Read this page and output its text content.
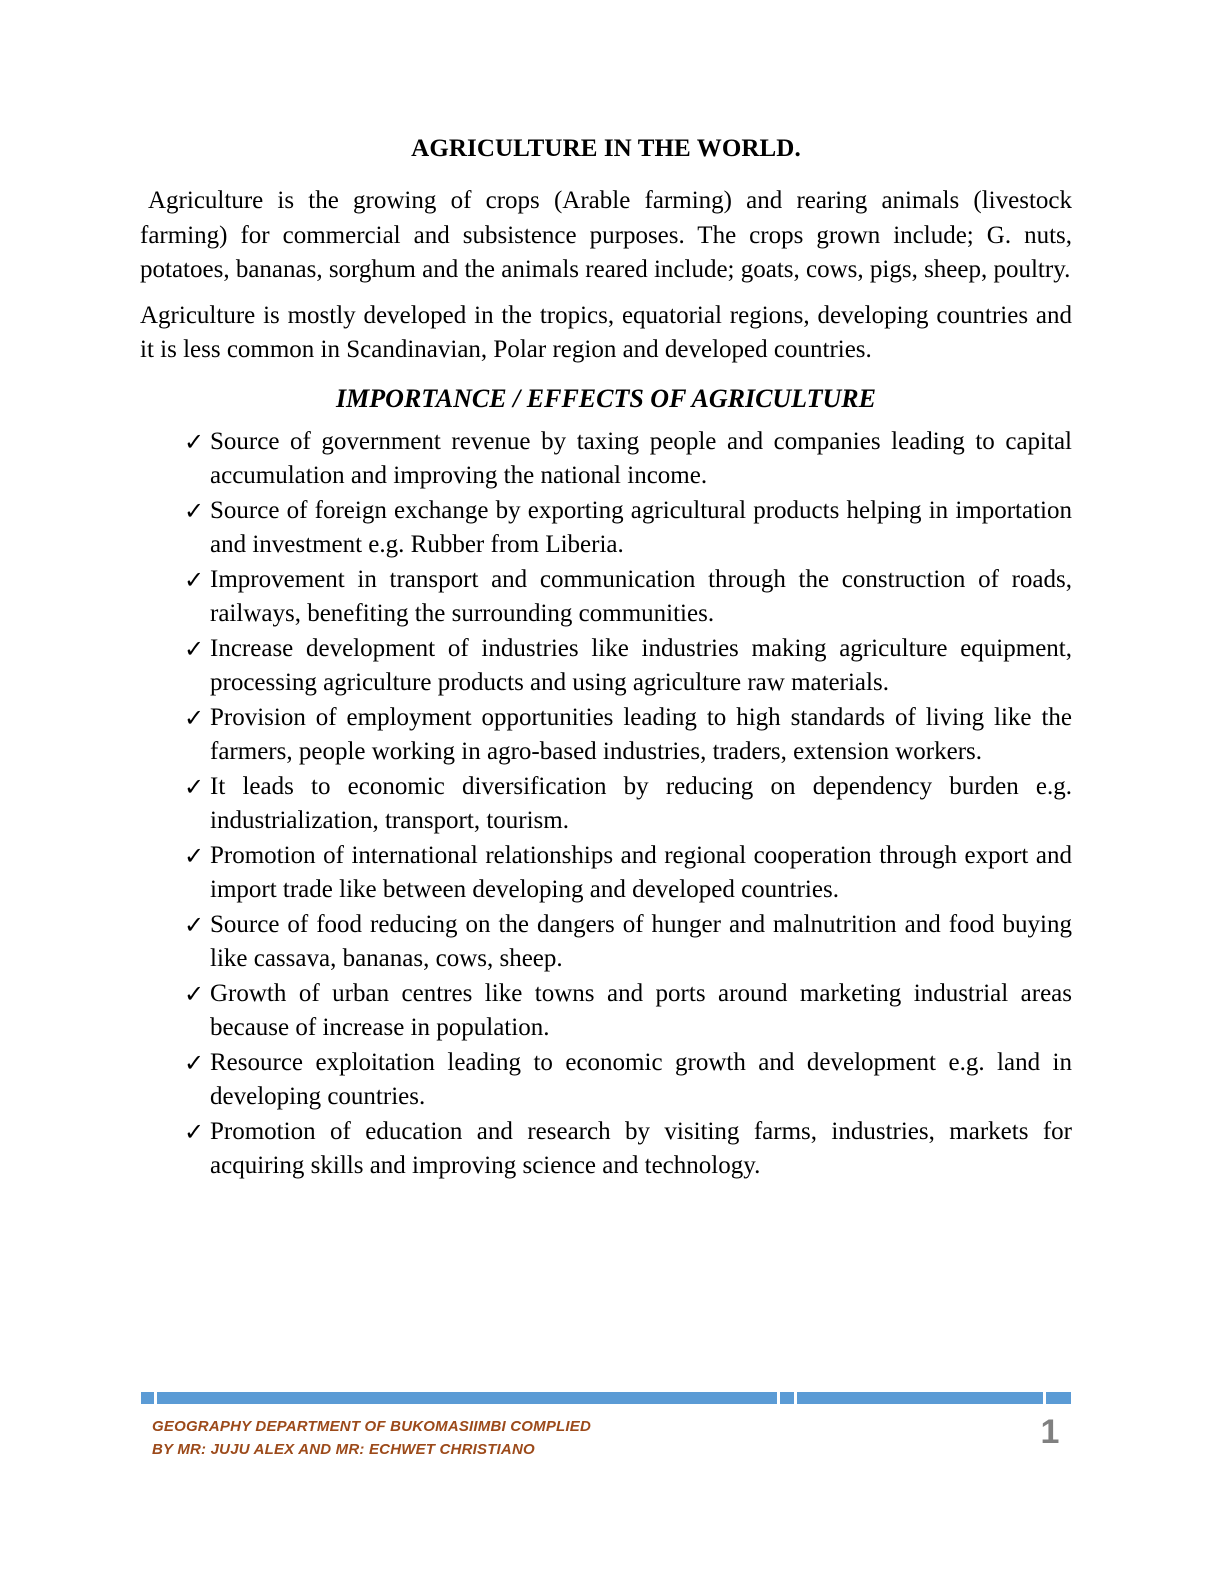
AGRICULTURE IN THE WORLD.

Agriculture is the growing of crops (Arable farming) and rearing animals (livestock farming) for commercial and subsistence purposes. The crops grown include; G. nuts, potatoes, bananas, sorghum and the animals reared include; goats, cows, pigs, sheep, poultry.

Agriculture is mostly developed in the tropics, equatorial regions, developing countries and it is less common in Scandinavian, Polar region and developed countries.

IMPORTANCE / EFFECTS OF AGRICULTURE
✓ Source of government revenue by taxing people and companies leading to capital accumulation and improving the national income.
✓ Source of foreign exchange by exporting agricultural products helping in importation and investment e.g. Rubber from Liberia.
✓ Improvement in transport and communication through the construction of roads, railways, benefiting the surrounding communities.
✓ Increase development of industries like industries making agriculture equipment, processing agriculture products and using agriculture raw materials.
✓ Provision of employment opportunities leading to high standards of living like the farmers, people working in agro-based industries, traders, extension workers.
✓ It leads to economic diversification by reducing on dependency burden e.g. industrialization, transport, tourism.
✓ Promotion of international relationships and regional cooperation through export and import trade like between developing and developed countries.
✓ Source of food reducing on the dangers of hunger and malnutrition and food buying like cassava, bananas, cows, sheep.
✓ Growth of urban centres like towns and ports around marketing industrial areas because of increase in population.
✓ Resource exploitation leading to economic growth and development e.g. land in developing countries.
✓ Promotion of education and research by visiting farms, industries, markets for acquiring skills and improving science and technology.
GEOGRAPHY DEPARTMENT OF BUKOMASIIMBI COMPLIED
BY MR: JUJU ALEX AND MR: ECHWET CHRISTIANO	1
